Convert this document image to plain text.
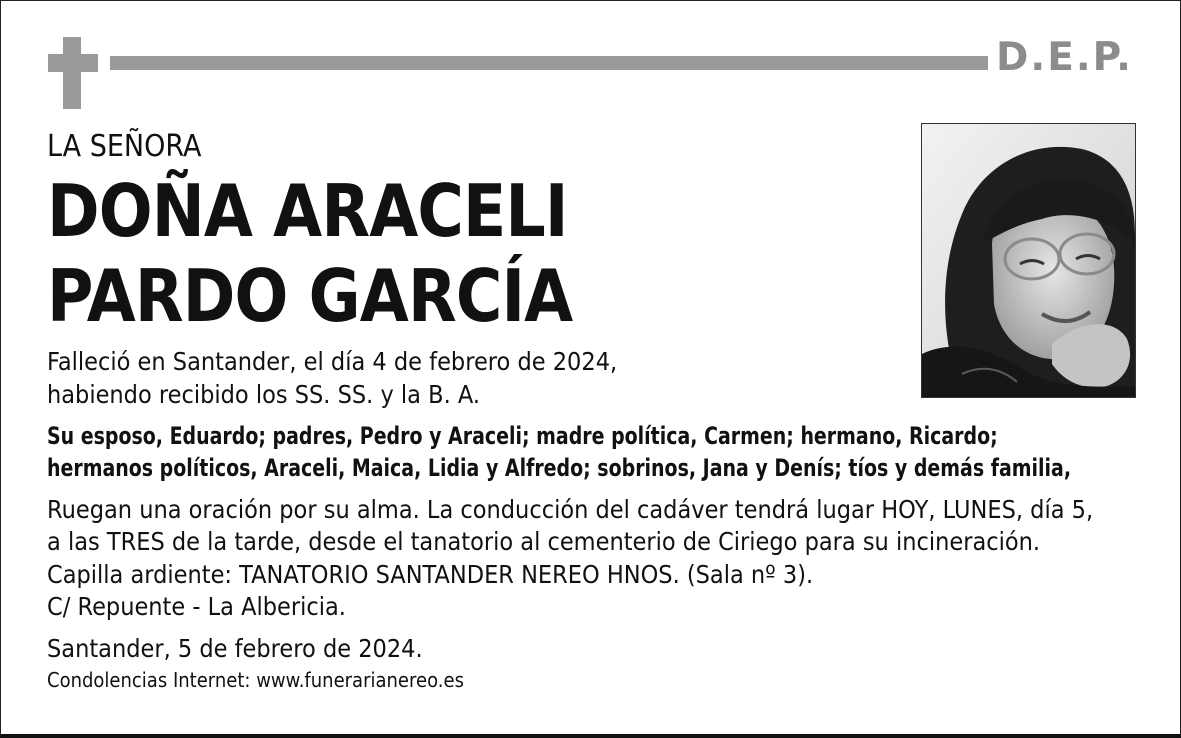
D.E.P.
LA SEÑORA
DOÑA ARACELI
PARDO GARCÍA
Falleció en Santander, el día 4 de febrero de 2024,
habiendo recibido los SS. SS. y la B. A.
Su esposo, Eduardo; padres, Pedro y Araceli; madre política, Carmen; hermano, Ricardo;
hermanos políticos, Araceli, Maica, Lidia y Alfredo; sobrinos, Jana y Denís; tíos y demás familia,
Ruegan una oración por su alma. La conducción del cadáver tendrá lugar HOY, LUNES, día 5,
a las TRES de la tarde, desde el tanatorio al cementerio de Ciriego para su incineración.
Capilla ardiente: TANATORIO SANTANDER NEREO HNOS. (Sala nº 3).
C/ Repuente - La Albericia.
Santander, 5 de febrero de 2024.
Condolencias Internet: www.funerarianereo.es
